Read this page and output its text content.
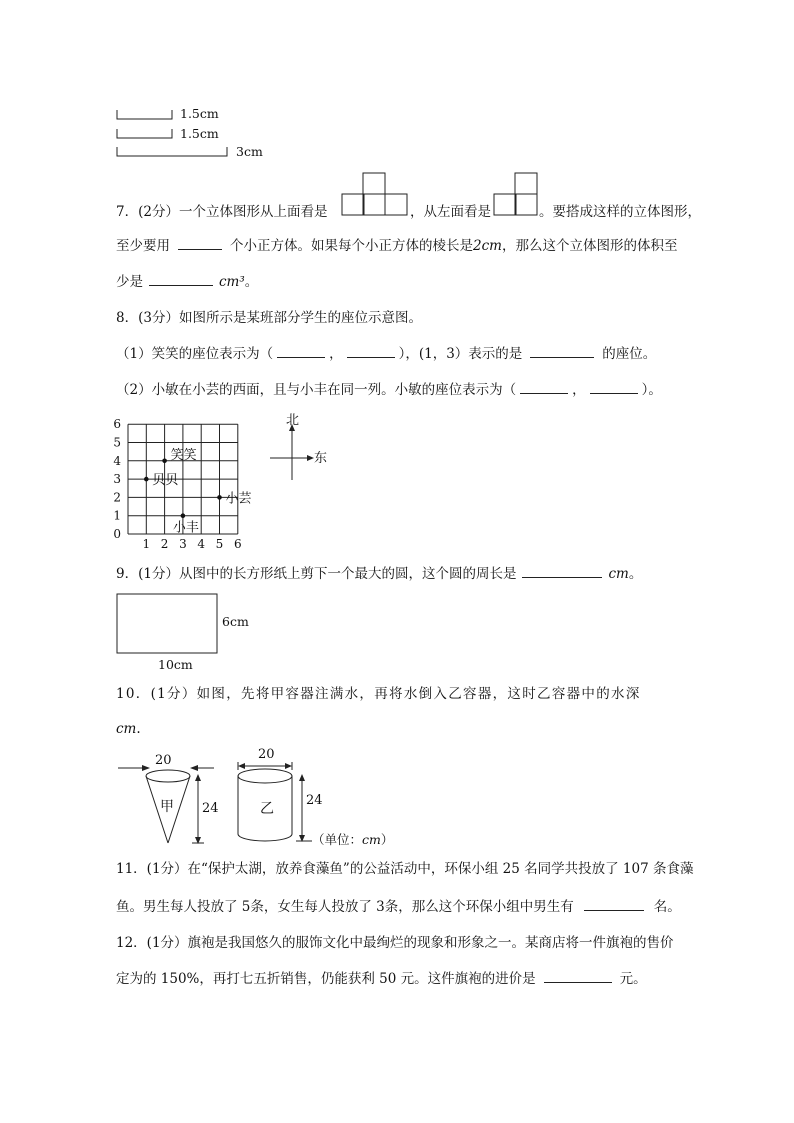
1.5cm
1.5cm
3cm
7．(2分）一个立体图形从上面看是	，从左面看是	。要搭成这样的立体图形，
至少要用	个小正方体。如果每个小正方体的棱长是2cm，那么这个立体图形的体积至
少是	cm³。
8．(3分）如图所示是某班部分学生的座位示意图。
（1）笑笑的座位表示为（	，	），(1，3）表示的是	的座位。
（2）小敏在小芸的西面，且与小丰在同一列。小敏的座位表示为（	，	）。
1 2 3 4 5 6
0
1
2
3
4
5
6
笑笑
贝贝
小芸
小丰
北
东
9．(1分）从图中的长方形纸上剪下一个最大的圆，这个圆的周长是	cm。
6cm
10cm
10．(1分）如图，先将甲容器注满水，再将水倒入乙容器，这时乙容器中的水深
cm.
20
甲 24
20
乙
24
（单位：cm）
11．(1分）在“保护太湖，放养食藻鱼”的公益活动中，环保小组 25 名同学共投放了 107 条食藻
鱼。男生每人投放了 5条，女生每人投放了 3条，那么这个环保小组中男生有	名。
12．(1分）旗袍是我国悠久的服饰文化中最绚烂的现象和形象之一。某商店将一件旗袍的售价
定为的 150%，再打七五折销售，仍能获利 50 元。这件旗袍的进价是	元。
